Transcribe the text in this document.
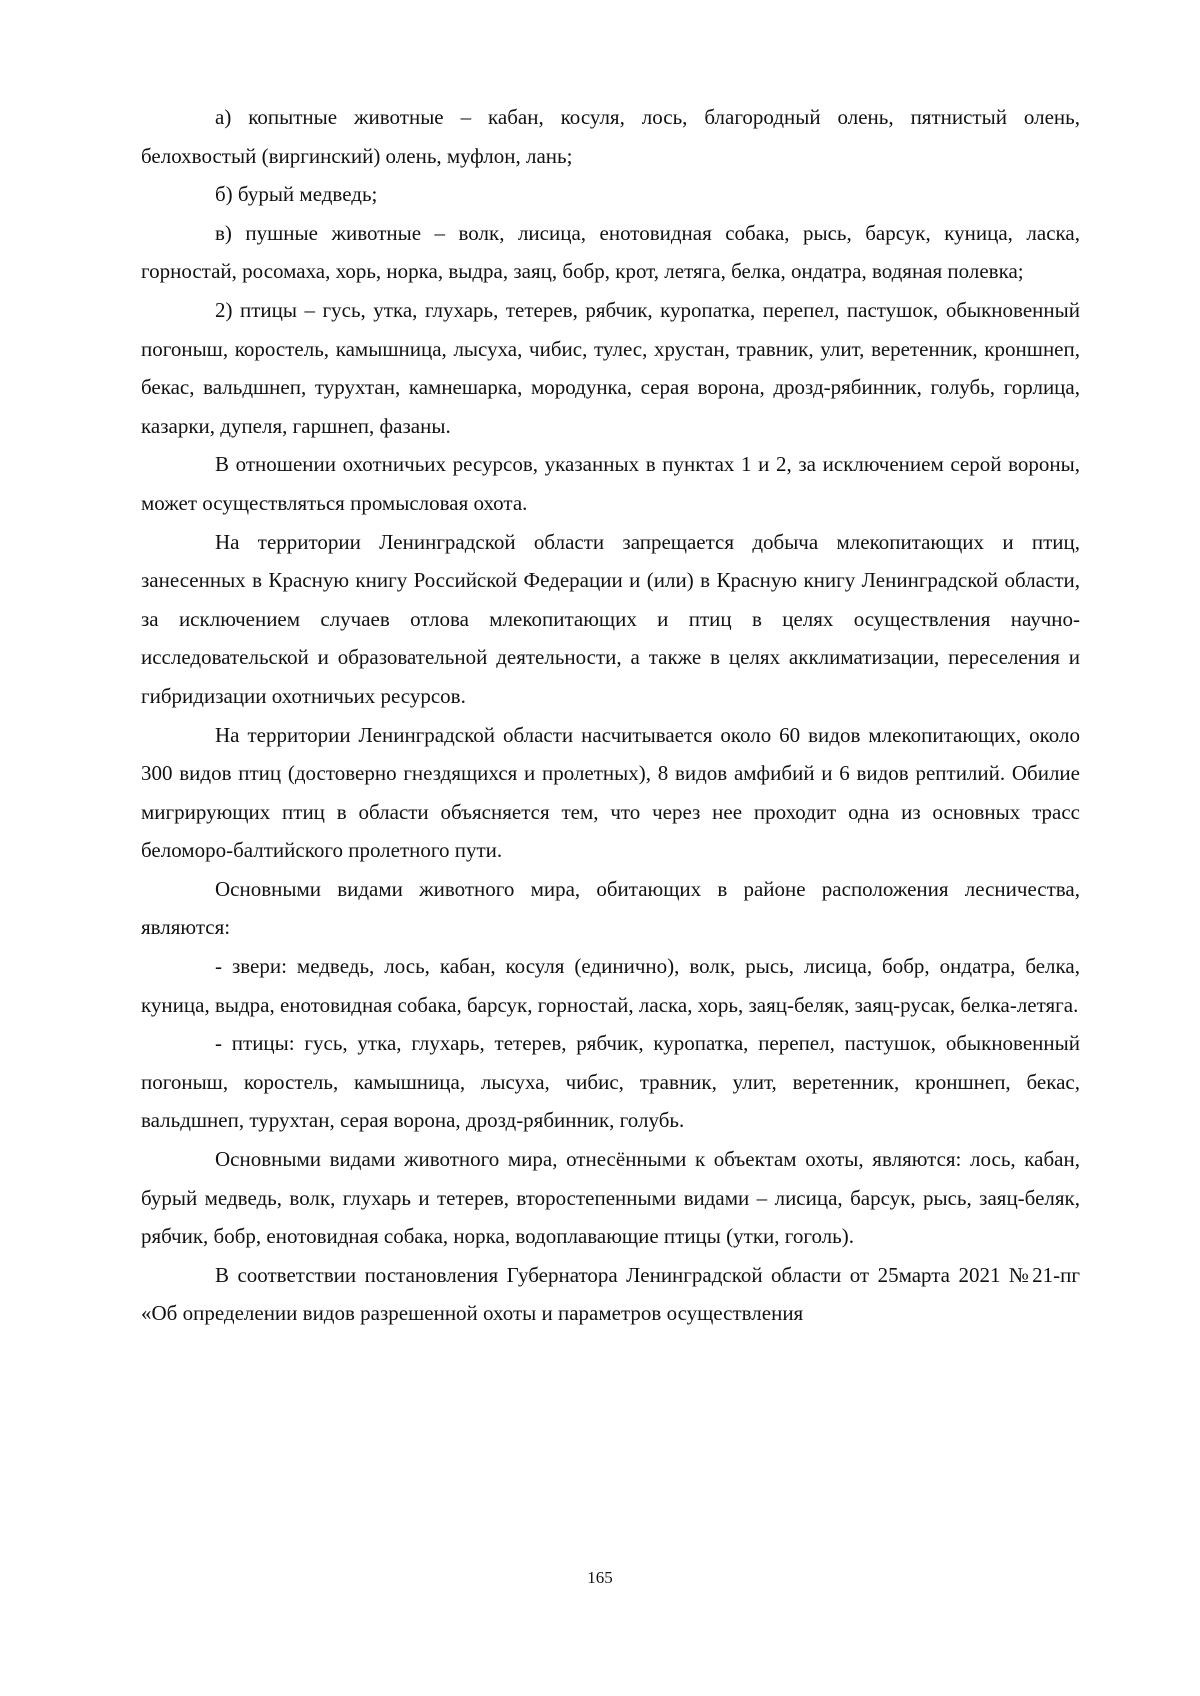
а) копытные животные – кабан, косуля, лось, благородный олень, пятнистый олень, белохвостый (виргинский) олень, муфлон, лань;

б) бурый медведь;

в) пушные животные – волк, лисица, енотовидная собака, рысь, барсук, куница, ласка, горностай, росомаха, хорь, норка, выдра, заяц, бобр, крот, летяга, белка, ондатра, водяная полевка;

2) птицы – гусь, утка, глухарь, тетерев, рябчик, куропатка, перепел, пастушок, обыкновенный погоныш, коростель, камышница, лысуха, чибис, тулес, хрустан, травник, улит, веретенник, кроншнеп, бекас, вальдшнеп, турухтан, камнешарка, мородунка, серая ворона, дрозд-рябинник, голубь, горлица, казарки, дупеля, гаршнеп, фазаны.

В отношении охотничьих ресурсов, указанных в пунктах 1 и 2, за исключением серой вороны, может осуществляться промысловая охота.

На территории Ленинградской области запрещается добыча млекопитающих и птиц, занесенных в Красную книгу Российской Федерации и (или) в Красную книгу Ленинградской области, за исключением случаев отлова млекопитающих и птиц в целях осуществления научно-исследовательской и образовательной деятельности, а также в целях акклиматизации, переселения и гибридизации охотничьих ресурсов.

На территории Ленинградской области насчитывается около 60 видов млекопитающих, около 300 видов птиц (достоверно гнездящихся и пролетных), 8 видов амфибий и 6 видов рептилий. Обилие мигрирующих птиц в области объясняется тем, что через нее проходит одна из основных трасс беломоро-балтийского пролетного пути.

Основными видами животного мира, обитающих в районе расположения лесничества, являются:

- звери: медведь, лось, кабан, косуля (единично), волк, рысь, лисица, бобр, ондатра, белка, куница, выдра, енотовидная собака, барсук, горностай, ласка, хорь, заяц-беляк, заяц-русак, белка-летяга.

- птицы: гусь, утка, глухарь, тетерев, рябчик, куропатка, перепел, пастушок, обыкновенный погоныш, коростель, камышница, лысуха, чибис, травник, улит, веретенник, кроншнеп, бекас, вальдшнеп, турухтан, серая ворона, дрозд-рябинник, голубь.

Основными видами животного мира, отнесёнными к объектам охоты, являются: лось, кабан, бурый медведь, волк, глухарь и тетерев, второстепенными видами – лисица, барсук, рысь, заяц-беляк, рябчик, бобр, енотовидная собака, норка, водоплавающие птицы (утки, гоголь).

В соответствии постановления Губернатора Ленинградской области от 25марта 2021 №21-пг «Об определении видов разрешенной охоты и параметров осуществления

165
